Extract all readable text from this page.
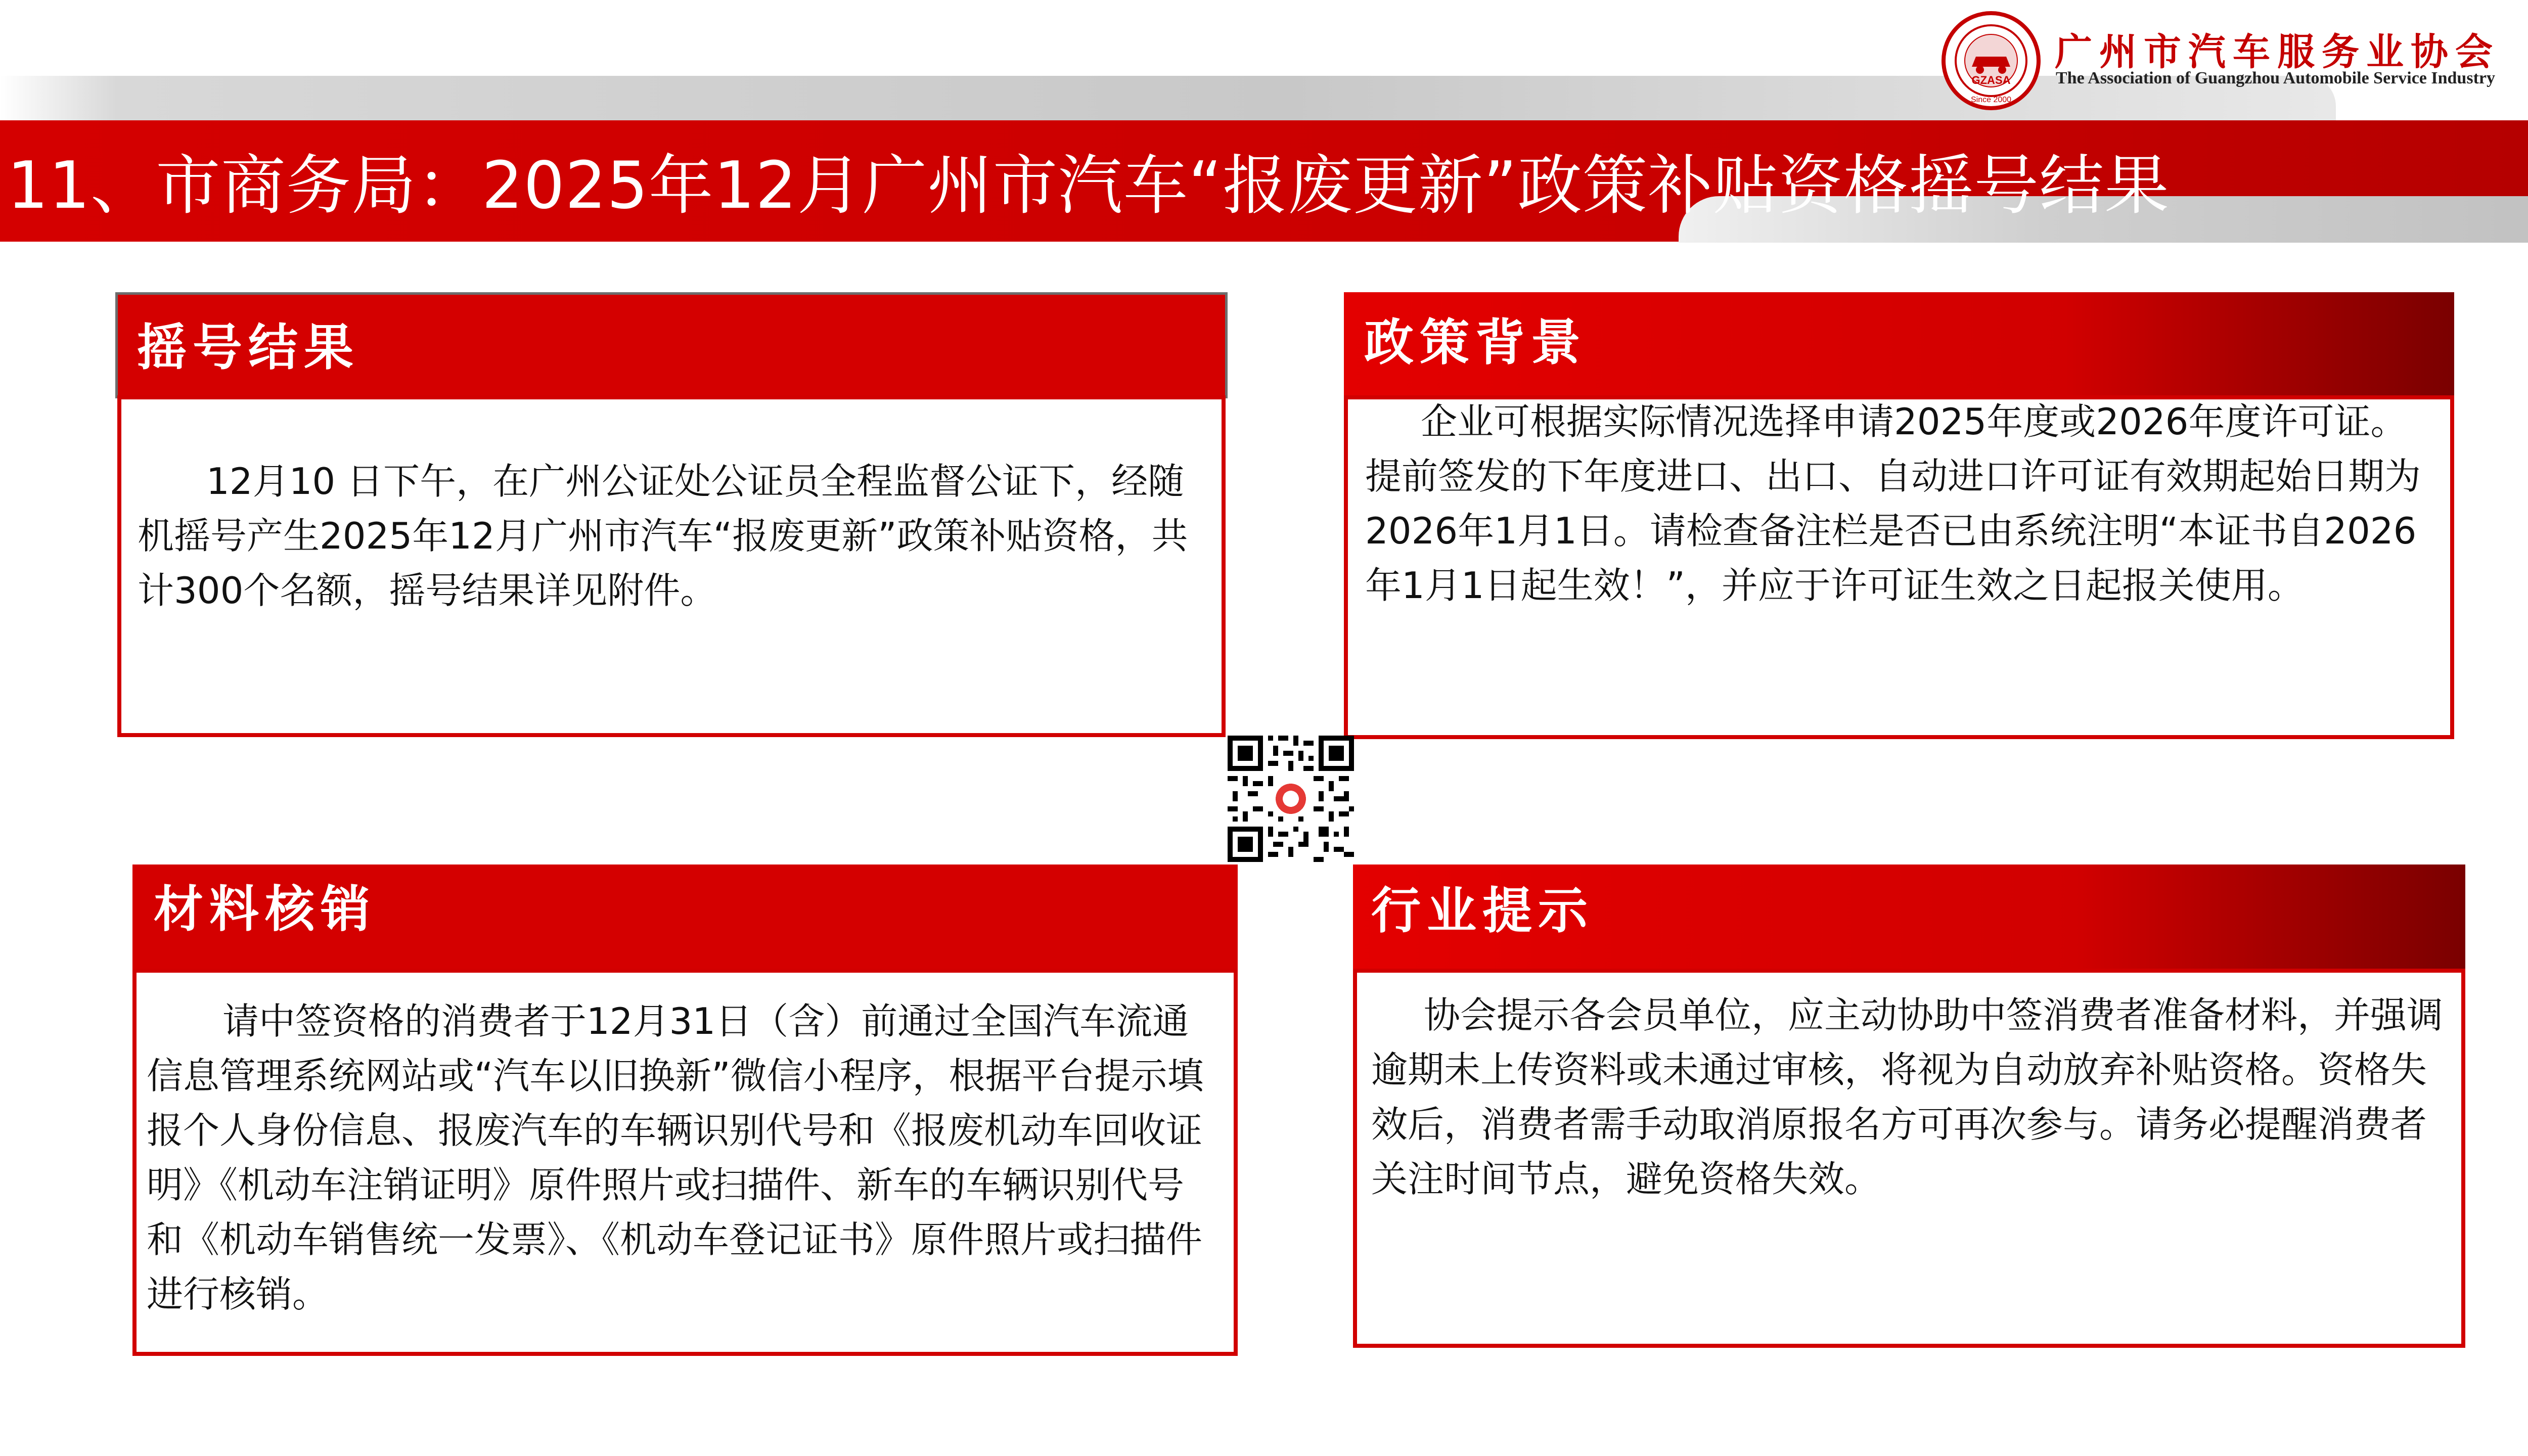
11、市商务局：2025年12月广州市汽车“报废更新”政策补贴资格摇号结果
GZASA
Since 2000
广州市汽车服务业协会
The Association of Guangzhou Automobile Service Industry
摇号结果
12月10 日下午，在广州公证处公证员全程监督公证下，经随机摇号产生2025年12月广州市汽车“报废更新”政策补贴资格，共计300个名额，摇号结果详见附件。
政策背景
企业可根据实际情况选择申请2025年度或2026年度许可证。提前签发的下年度进口、出口、自动进口许可证有效期起始日期为2026年1月1日。请检查备注栏是否已由系统注明“本证书自2026年1月1日起生效！”，并应于许可证生效之日起报关使用。
材料核销
请中签资格的消费者于12月31日（含）前通过全国汽车流通信息管理系统网站或“汽车以旧换新”微信小程序，根据平台提示填报个人身份信息、报废汽车的车辆识别代号和《报废机动车回收证明》《机动车注销证明》原件照片或扫描件、新车的车辆识别代号和《机动车销售统一发票》、《机动车登记证书》原件照片或扫描件进行核销。
行业提示
协会提示各会员单位，应主动协助中签消费者准备材料，并强调逾期未上传资料或未通过审核，将视为自动放弃补贴资格。资格失效后，消费者需手动取消原报名方可再次参与。请务必提醒消费者关注时间节点，避免资格失效。
